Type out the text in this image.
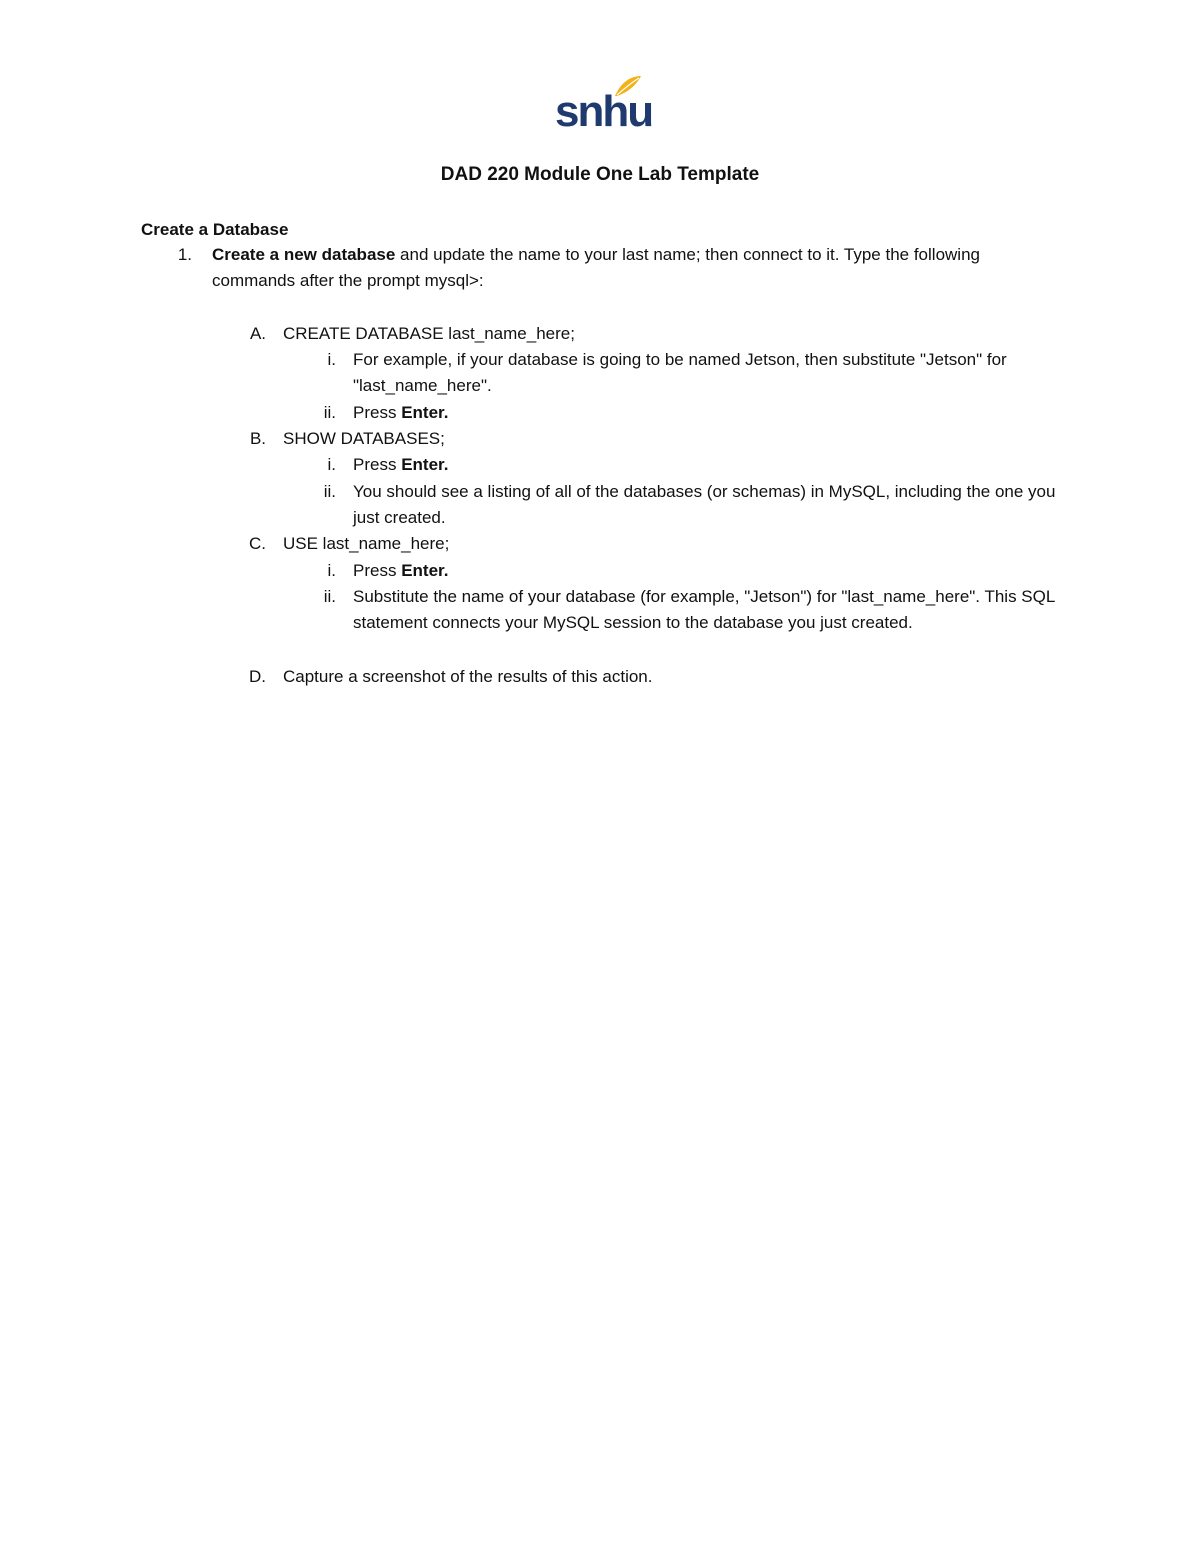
snhu
DAD 220 Module One Lab Template
Create a Database
1. Create a new database and update the name to your last name; then connect to it. Type the following commands after the prompt mysql>:
A. CREATE DATABASE last_name_here;
i. For example, if your database is going to be named Jetson, then substitute "Jetson" for "last_name_here".
ii. Press Enter.
B. SHOW DATABASES;
i. Press Enter.
ii. You should see a listing of all of the databases (or schemas) in MySQL, including the one you just created.
C. USE last_name_here;
i. Press Enter.
ii. Substitute the name of your database (for example, "Jetson") for "last_name_here". This SQL statement connects your MySQL session to the database you just created.
D. Capture a screenshot of the results of this action.
